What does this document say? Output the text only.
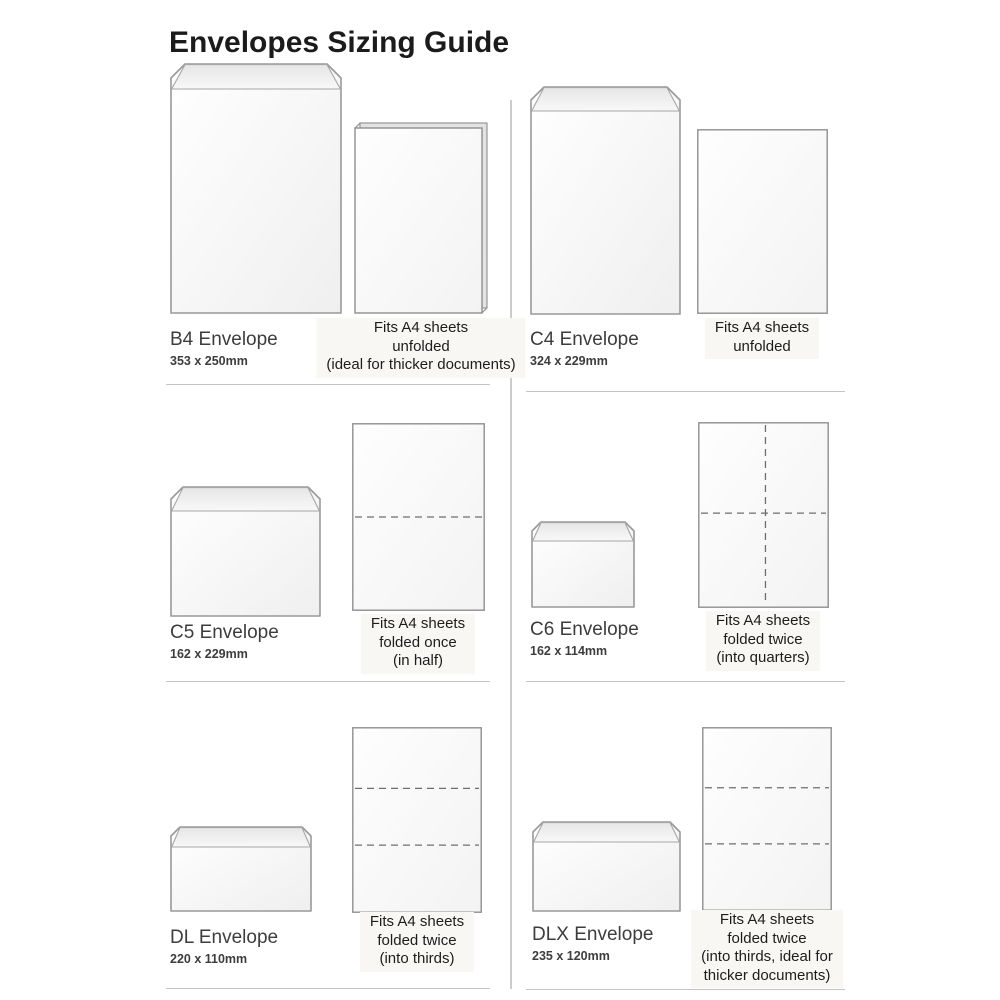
Envelopes Sizing Guide
B4 Envelope
353 x 250mm
Fits A4 sheets
unfolded
(ideal for thicker documents)
C4 Envelope
324 x 229mm
Fits A4 sheets
unfolded
C5 Envelope
162 x 229mm
Fits A4 sheets
folded once
(in half)
C6 Envelope
162 x 114mm
Fits A4 sheets
folded twice
(into quarters)
DL Envelope
220 x 110mm
Fits A4 sheets
folded twice
(into thirds)
DLX Envelope
235 x 120mm
Fits A4 sheets
folded twice
(into thirds, ideal for
thicker documents)
